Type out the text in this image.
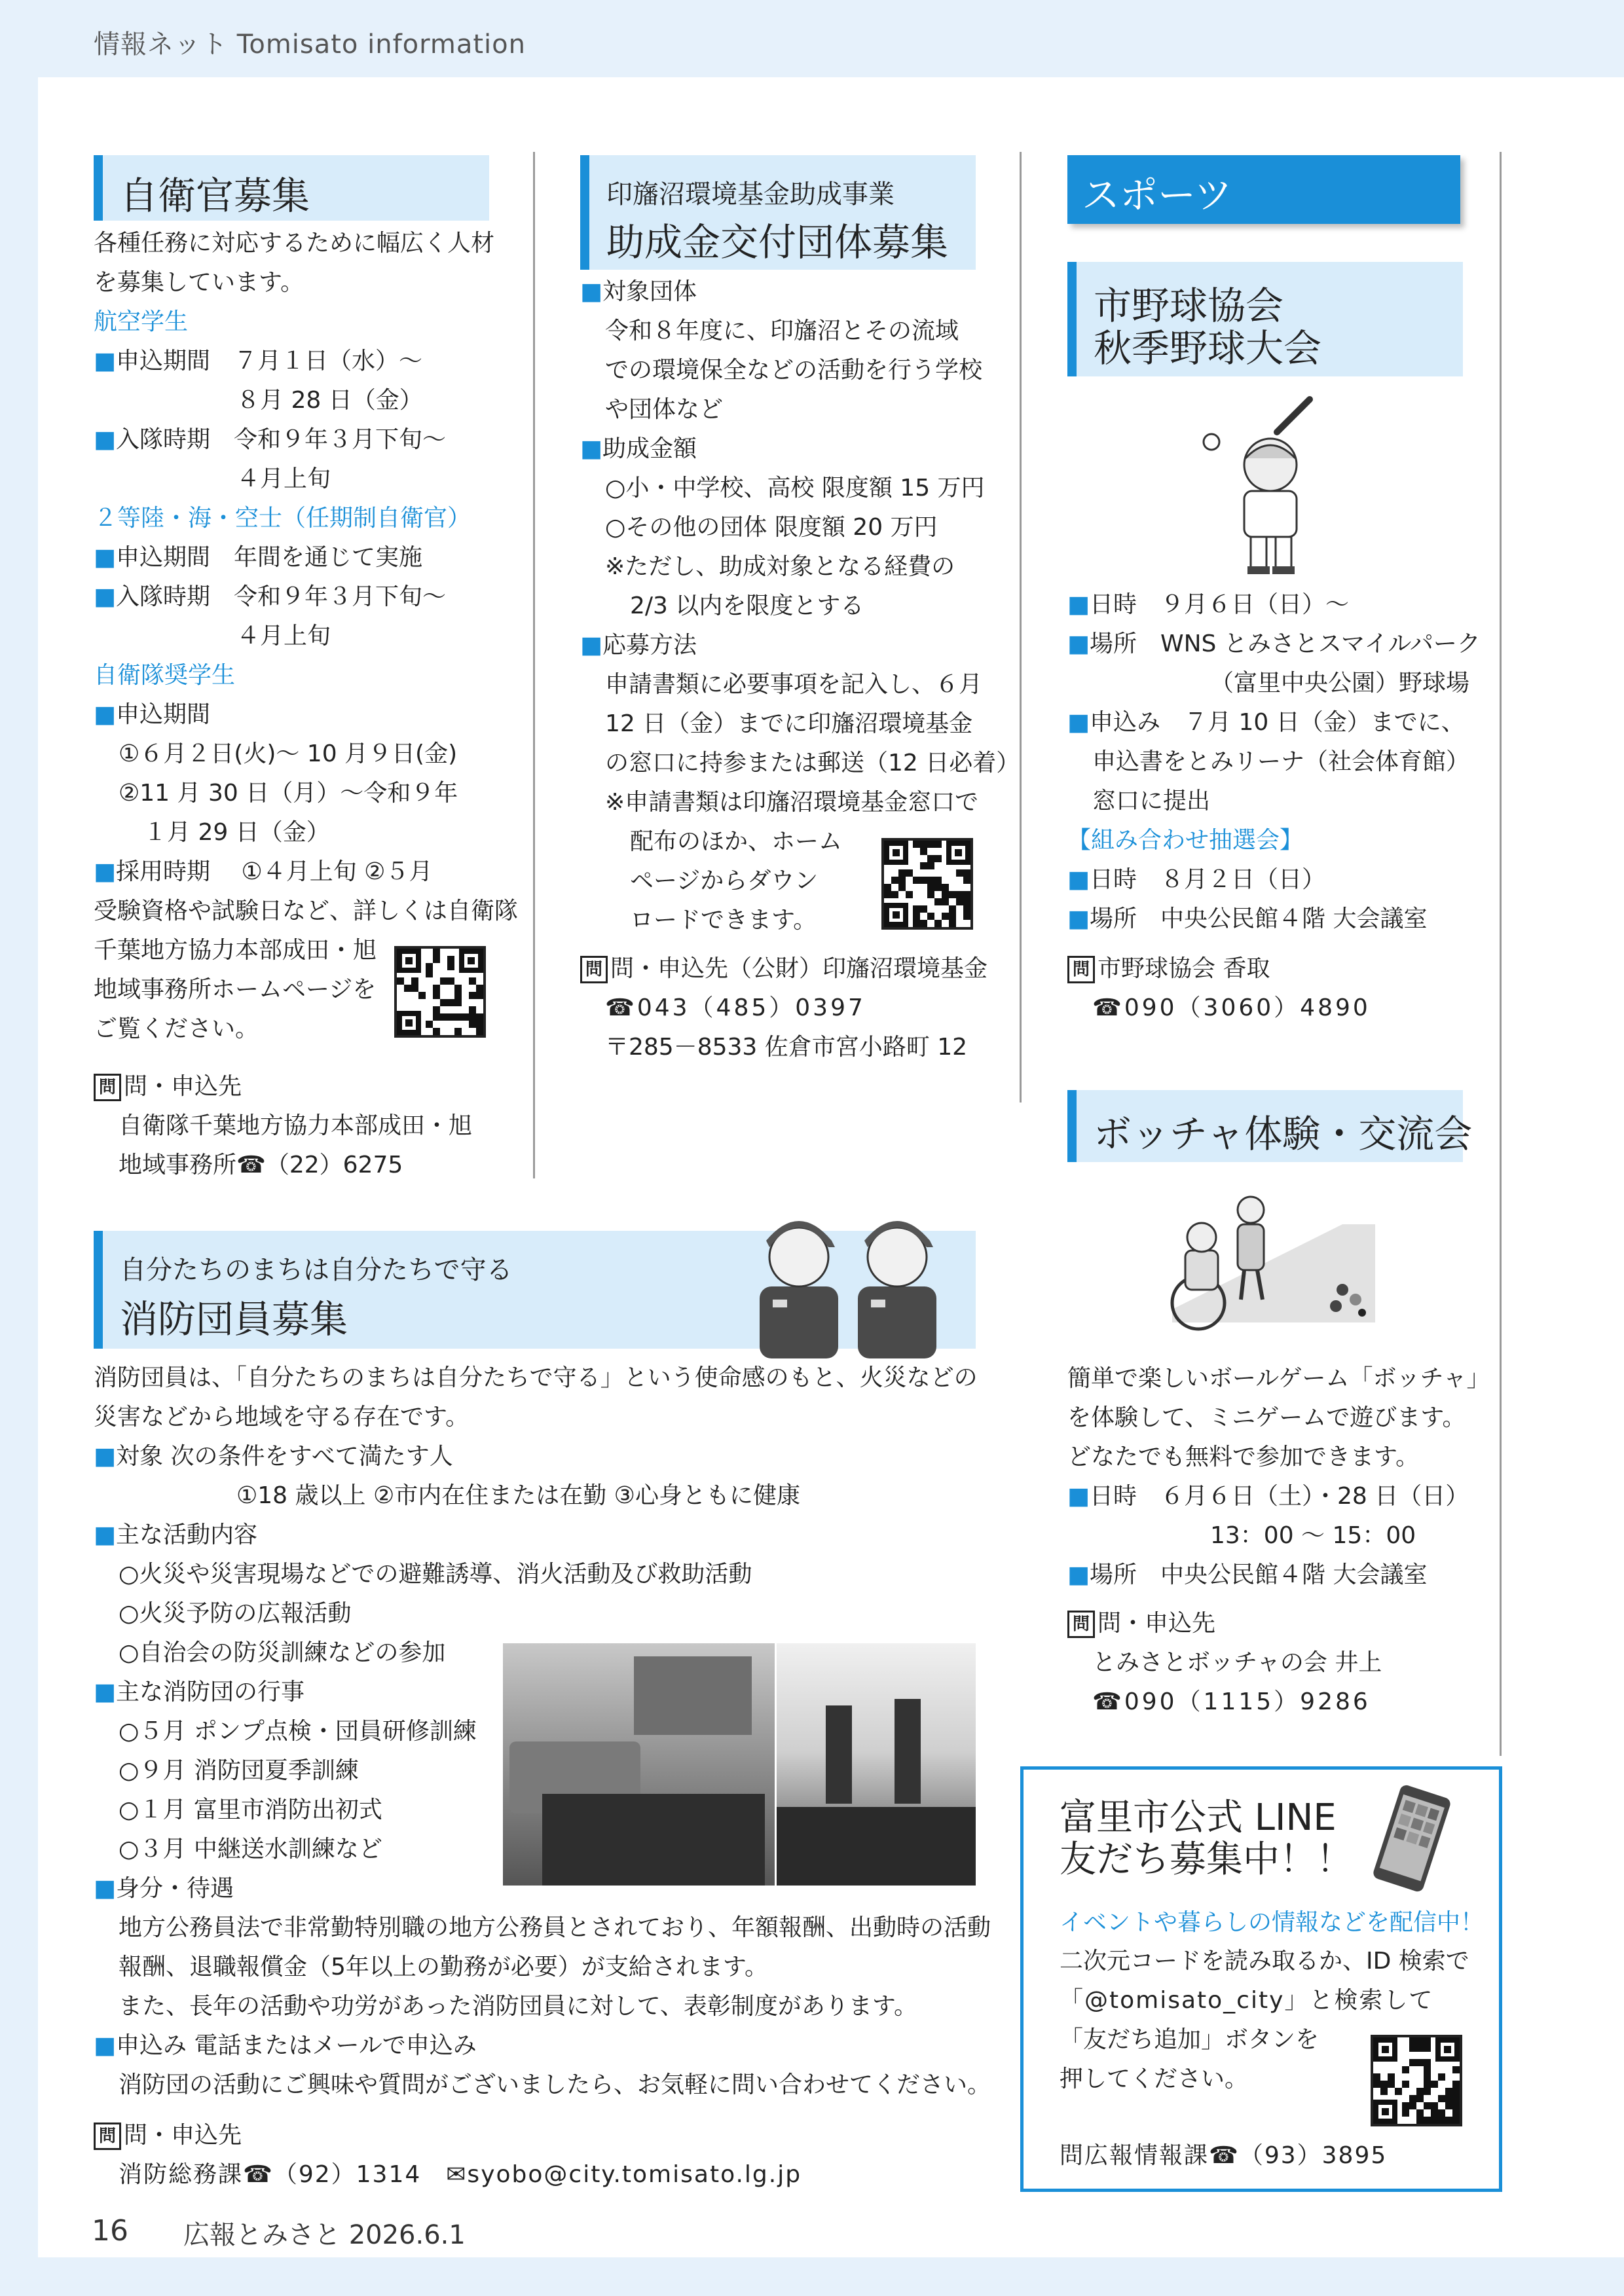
情報ネット Tomisato information
自衛官募集
各種任務に対応するために幅広く人材
を募集しています。
航空学生
■申込期間　７月１日（水）～
８月 28 日（金）
■入隊時期　令和９年３月下旬～
４月上旬
２等陸・海・空士（任期制自衛官）
■申込期間　年間を通じて実施
■入隊時期　令和９年３月下旬～
４月上旬
自衛隊奨学生
■申込期間
①６月２日(火)～ 10 月９日(金)
②11 月 30 日（月）～令和９年
１月 29 日（金）
■採用時期　 ①４月上旬 ②５月
受験資格や試験日など、詳しくは自衛隊
千葉地方協力本部成田・旭
地域事務所ホームページを
ご覧ください。
問 問・申込先
自衛隊千葉地方協力本部成田・旭
地域事務所☎（22）6275
印旛沼環境基金助成事業
助成金交付団体募集
■対象団体
令和８年度に、印旛沼とその流域
での環境保全などの活動を行う学校
や団体など
■助成金額
○小・中学校、高校 限度額 15 万円
○その他の団体 限度額 20 万円
※ただし、助成対象となる経費の
2/3 以内を限度とする
■応募方法
申請書類に必要事項を記入し、６月
12 日（金）までに印旛沼環境基金
の窓口に持参または郵送（12 日必着）
※申請書類は印旛沼環境基金窓口で
配布のほか、ホーム
ページからダウン
ロードできます。
問 問・申込先（公財）印旛沼環境基金
☎043（485）0397
〒285－8533 佐倉市宮小路町 12
スポーツ
市野球協会
秋季野球大会
■日時　９月６日（日）～
■場所　WNS とみさとスマイルパーク
（富里中央公園）野球場
■申込み　７月 10 日（金）までに、
申込書をとみリーナ（社会体育館）
窓口に提出
【組み合わせ抽選会】
■日時　８月２日（日）
■場所　中央公民館４階 大会議室
問 市野球協会 香取
☎090（3060）4890
ボッチャ体験・交流会
簡単で楽しいボールゲーム「ボッチャ」
を体験して、ミニゲームで遊びます。
どなたでも無料で参加できます。
■日時　６月６日（土）・28 日（日）
13：00 ～ 15：00
■場所　中央公民館４階 大会議室
問 問・申込先
とみさとボッチャの会 井上
☎090（1115）9286
富里市公式 LINE
友だち募集中！！
イベントや暮らしの情報などを配信中！
二次元コードを読み取るか、ID 検索で
「@tomisato_city」と検索して
「友だち追加」ボタンを
押してください。
問広報情報課☎（93）3895
自分たちのまちは自分たちで守る
消防団員募集
消防団員は、「自分たちのまちは自分たちで守る」という使命感のもと、火災などの
災害などから地域を守る存在です。
■対象 次の条件をすべて満たす人
①18 歳以上 ②市内在住または在勤 ③心身ともに健康
■主な活動内容
○火災や災害現場などでの避難誘導、消火活動及び救助活動
○火災予防の広報活動
○自治会の防災訓練などの参加
■主な消防団の行事
○５月 ポンプ点検・団員研修訓練
○９月 消防団夏季訓練
○１月 富里市消防出初式
○３月 中継送水訓練など
■身分・待遇
地方公務員法で非常勤特別職の地方公務員とされており、年額報酬、出動時の活動
報酬、退職報償金（5年以上の勤務が必要）が支給されます。
また、長年の活動や功労があった消防団員に対して、表彰制度があります。
■申込み 電話またはメールで申込み
消防団の活動にご興味や質問がございましたら、お気軽に問い合わせてください。
問 問・申込先
消防総務課☎（92）1314　✉syobo@city.tomisato.lg.jp
16 広報とみさと 2026.6.1
